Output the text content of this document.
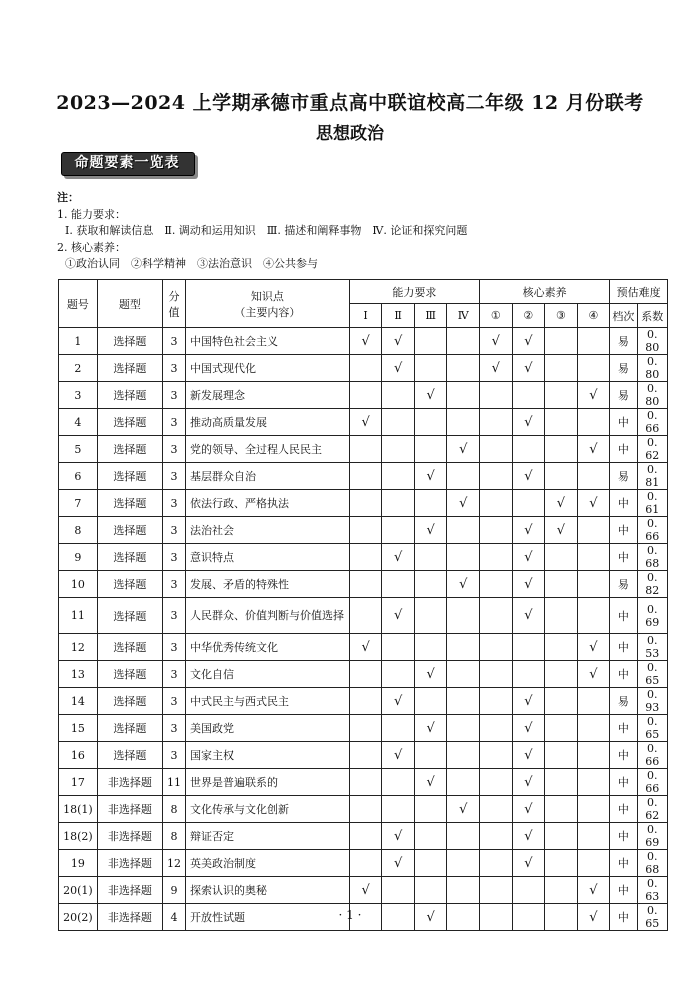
2023—2024 上学期承德市重点高中联谊校高二年级 12 月份联考
思想政治
命题要素一览表
注：
1. 能力要求：
Ⅰ. 获取和解读信息　Ⅱ. 调动和运用知识　Ⅲ. 描述和阐释事物　Ⅳ. 论证和探究问题
2. 核心素养：
①政治认同　②科学精神　③法治意识　④公共参与
题号	题型	分值	知识点
（主要内容）	能力要求				核心素养				预估难度	
				Ⅰ	Ⅱ	Ⅲ	Ⅳ	①	②	③	④	档次	系数
1	选择题	3	中国特色社会主义	√	√			√	√			易	0. 80
2	选择题	3	中国式现代化		√			√	√			易	0. 80
3	选择题	3	新发展理念			√					√	易	0. 80
4	选择题	3	推动高质量发展	√					√			中	0. 66
5	选择题	3	党的领导、全过程人民民主				√				√	中	0. 62
6	选择题	3	基层群众自治			√			√			易	0. 81
7	选择题	3	依法行政、严格执法				√			√	√	中	0. 61
8	选择题	3	法治社会			√			√	√		中	0. 66
9	选择题	3	意识特点		√				√			中	0. 68
10	选择题	3	发展、矛盾的特殊性				√		√			易	0. 82
11	选择题	3	人民群众、价值判断与价值选择		√				√			中	0. 69
12	选择题	3	中华优秀传统文化	√							√	中	0. 53
13	选择题	3	文化自信			√					√	中	0. 65
14	选择题	3	中式民主与西式民主		√				√			易	0. 93
15	选择题	3	美国政党			√			√			中	0. 65
16	选择题	3	国家主权		√				√			中	0. 66
17	非选择题	11	世界是普遍联系的			√			√			中	0. 66
18(1)	非选择题	8	文化传承与文化创新				√		√			中	0. 62
18(2)	非选择题	8	辩证否定		√				√			中	0. 69
19	非选择题	12	英美政治制度		√				√			中	0. 68
20(1)	非选择题	9	探索认识的奥秘	√							√	中	0. 63
20(2)	非选择题	4	开放性试题			√					√	中	0. 65
· 1 ·
